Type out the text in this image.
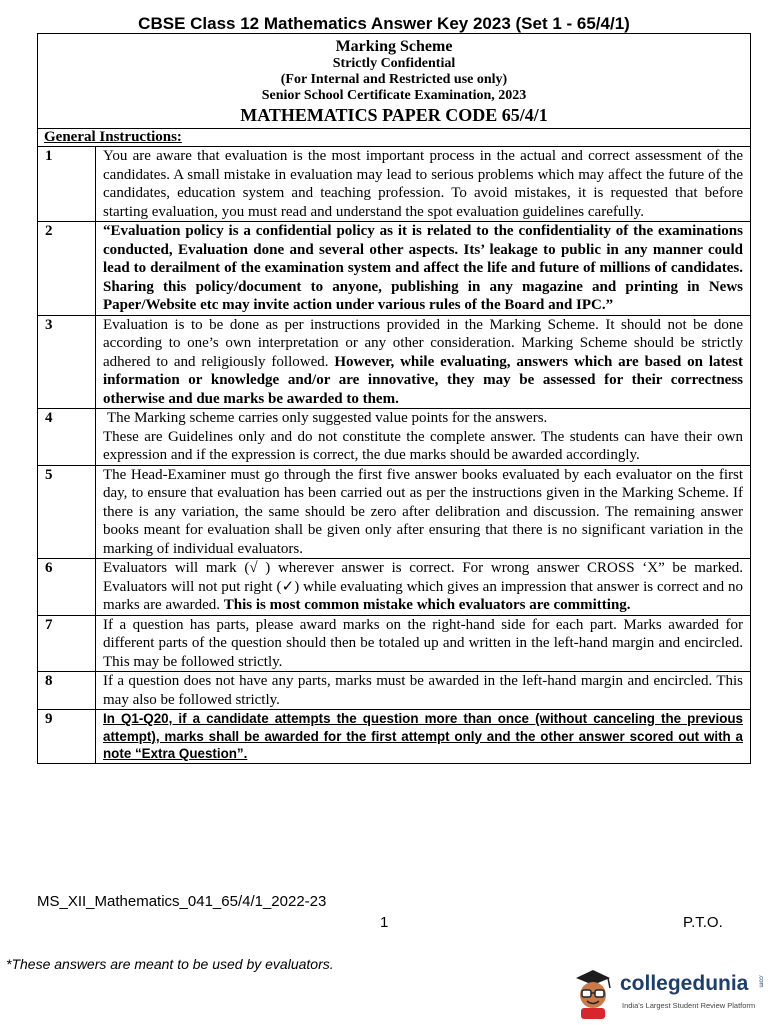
CBSE Class 12 Mathematics Answer Key 2023 (Set 1 - 65/4/1)
Marking Scheme
Strictly Confidential
(For Internal and Restricted use only)
Senior School Certificate Examination, 2023
MATHEMATICS PAPER CODE 65/4/1	

General Instructions:	
1	You are aware that evaluation is the most important process in the actual and correct assessment of the candidates. A small mistake in evaluation may lead to serious problems which may affect the future of the candidates, education system and teaching profession. To avoid mistakes, it is requested that before starting evaluation, you must read and understand the spot evaluation guidelines carefully.
2	“Evaluation policy is a confidential policy as it is related to the confidentiality of the examinations conducted, Evaluation done and several other aspects. Its’ leakage to public in any manner could lead to derailment of the examination system and affect the life and future of millions of candidates. Sharing this policy/document to anyone, publishing in any magazine and printing in News Paper/Website etc may invite action under various rules of the Board and IPC.”
3	Evaluation is to be done as per instructions provided in the Marking Scheme. It should not be done according to one’s own interpretation or any other consideration. Marking Scheme should be strictly adhered to and religiously followed. However, while evaluating, answers which are based on latest information or knowledge and/or are innovative, they may be assessed for their correctness otherwise and due marks be awarded to them.
4	The Marking scheme carries only suggested value points for the answers.
These are Guidelines only and do not constitute the complete answer. The students can have their own expression and if the expression is correct, the due marks should be awarded accordingly.

5	The Head-Examiner must go through the first five answer books evaluated by each evaluator on the first day, to ensure that evaluation has been carried out as per the instructions given in the Marking Scheme. If there is any variation, the same should be zero after delibration and discussion. The remaining answer books meant for evaluation shall be given only after ensuring that there is no significant variation in the marking of individual evaluators.
6	Evaluators will mark (√ ) wherever answer is correct. For wrong answer CROSS ‘X” be marked. Evaluators will not put right (✓) while evaluating which gives an impression that answer is correct and no marks are awarded. This is most common mistake which evaluators are committing.
7	If a question has parts, please award marks on the right-hand side for each part. Marks awarded for different parts of the question should then be totaled up and written in the left-hand margin and encircled. This may be followed strictly.
8	If a question does not have any parts, marks must be awarded in the left-hand margin and encircled. This may also be followed strictly.
9	In Q1-Q20, if a candidate attempts the question more than once (without canceling the previous attempt), marks shall be awarded for the first attempt only and the other answer scored out with a note “Extra Question”.
MS_XII_Mathematics_041_65/4/1_2022-23
1	P.T.O.
*These answers are meant to be used by evaluators.
collegedunia .com
India's Largest Student Review Platform
